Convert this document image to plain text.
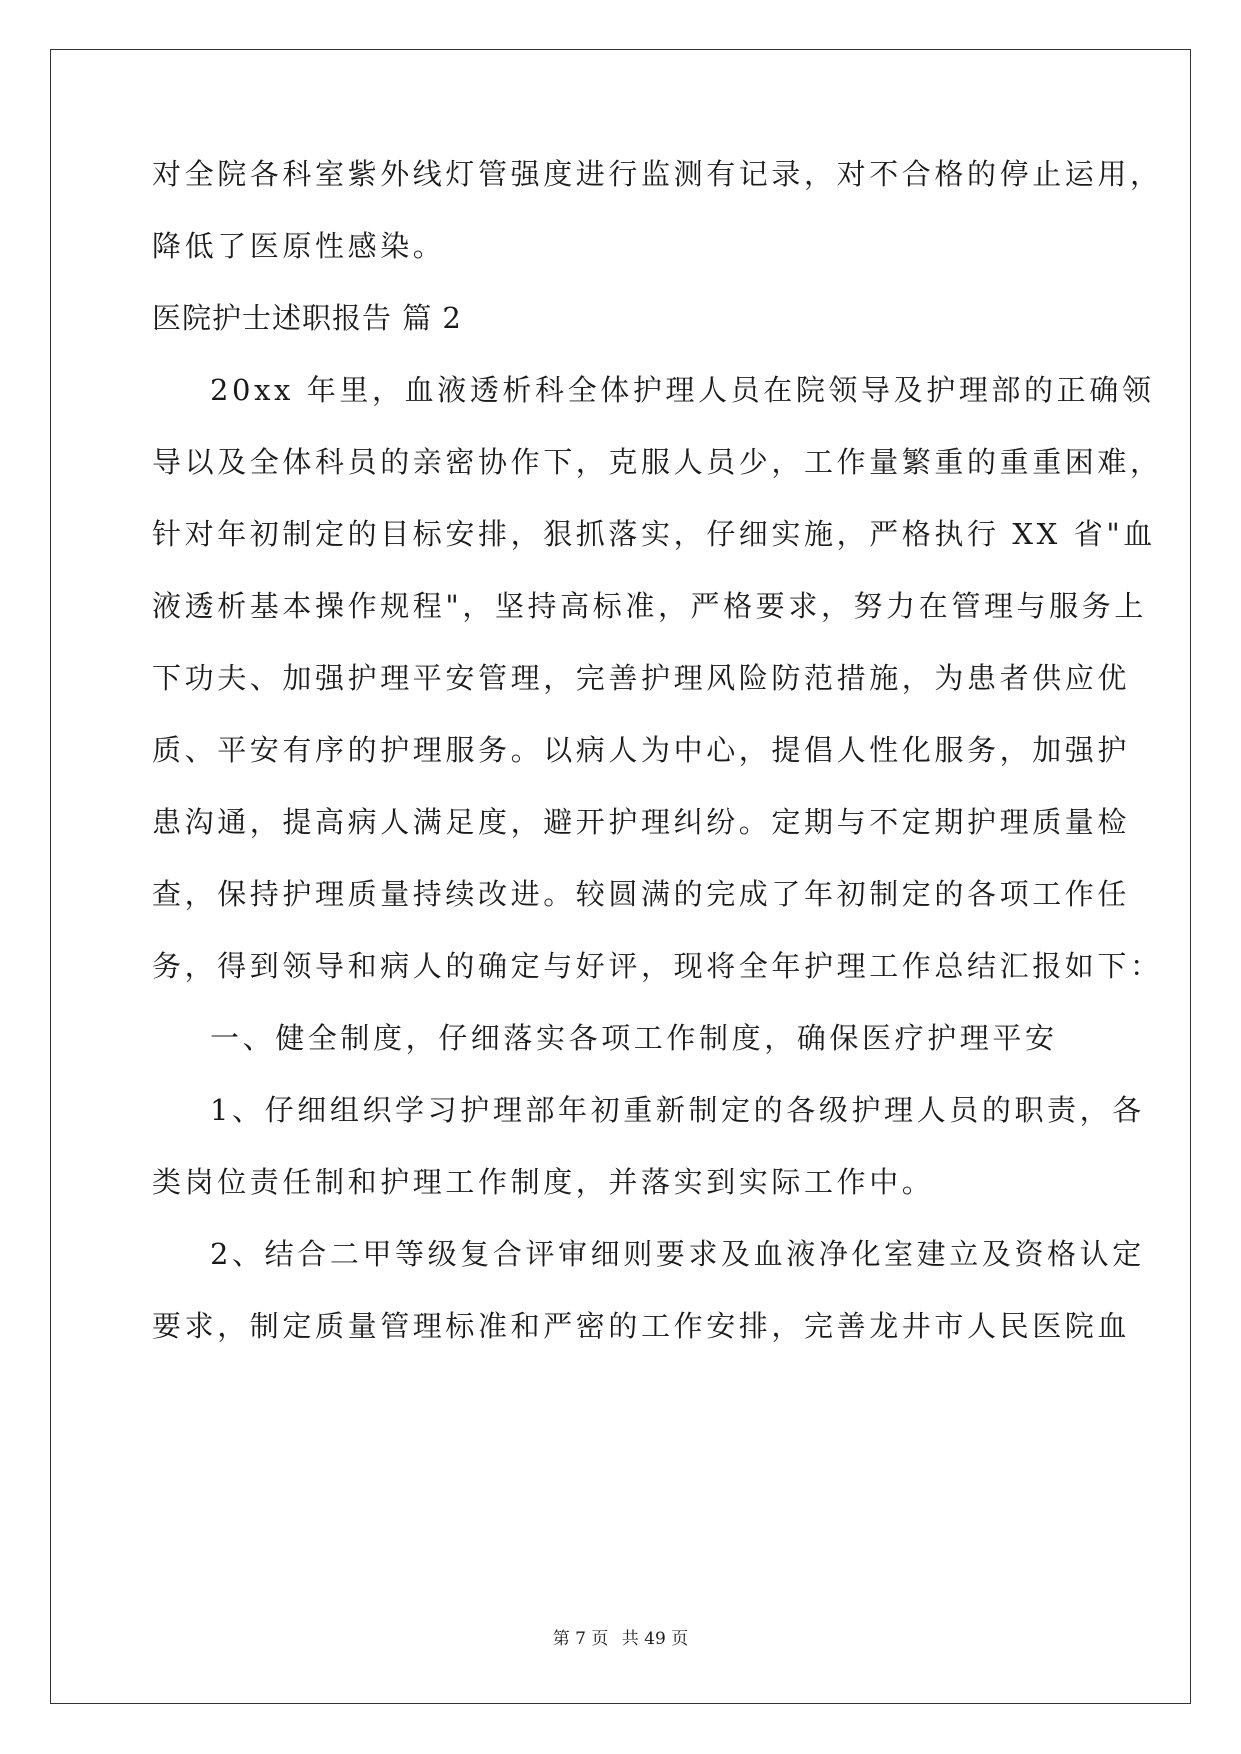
对全院各科室紫外线灯管强度进行监测有记录，对不合格的停止运用，
降低了医原性感染。
医院护士述职报告 篇 2
20xx 年里，血液透析科全体护理人员在院领导及护理部的正确领
导以及全体科员的亲密协作下，克服人员少，工作量繁重的重重困难，
针对年初制定的目标安排，狠抓落实，仔细实施，严格执行 XX 省"血
液透析基本操作规程"，坚持高标准，严格要求，努力在管理与服务上
下功夫、加强护理平安管理，完善护理风险防范措施，为患者供应优
质、平安有序的护理服务。以病人为中心，提倡人性化服务，加强护
患沟通，提高病人满足度，避开护理纠纷。定期与不定期护理质量检
查，保持护理质量持续改进。较圆满的完成了年初制定的各项工作任
务，得到领导和病人的确定与好评，现将全年护理工作总结汇报如下：
一、健全制度，仔细落实各项工作制度，确保医疗护理平安
1、仔细组织学习护理部年初重新制定的各级护理人员的职责，各
类岗位责任制和护理工作制度，并落实到实际工作中。
2、结合二甲等级复合评审细则要求及血液净化室建立及资格认定
要求，制定质量管理标准和严密的工作安排，完善龙井市人民医院血
第 7 页 共 49 页
